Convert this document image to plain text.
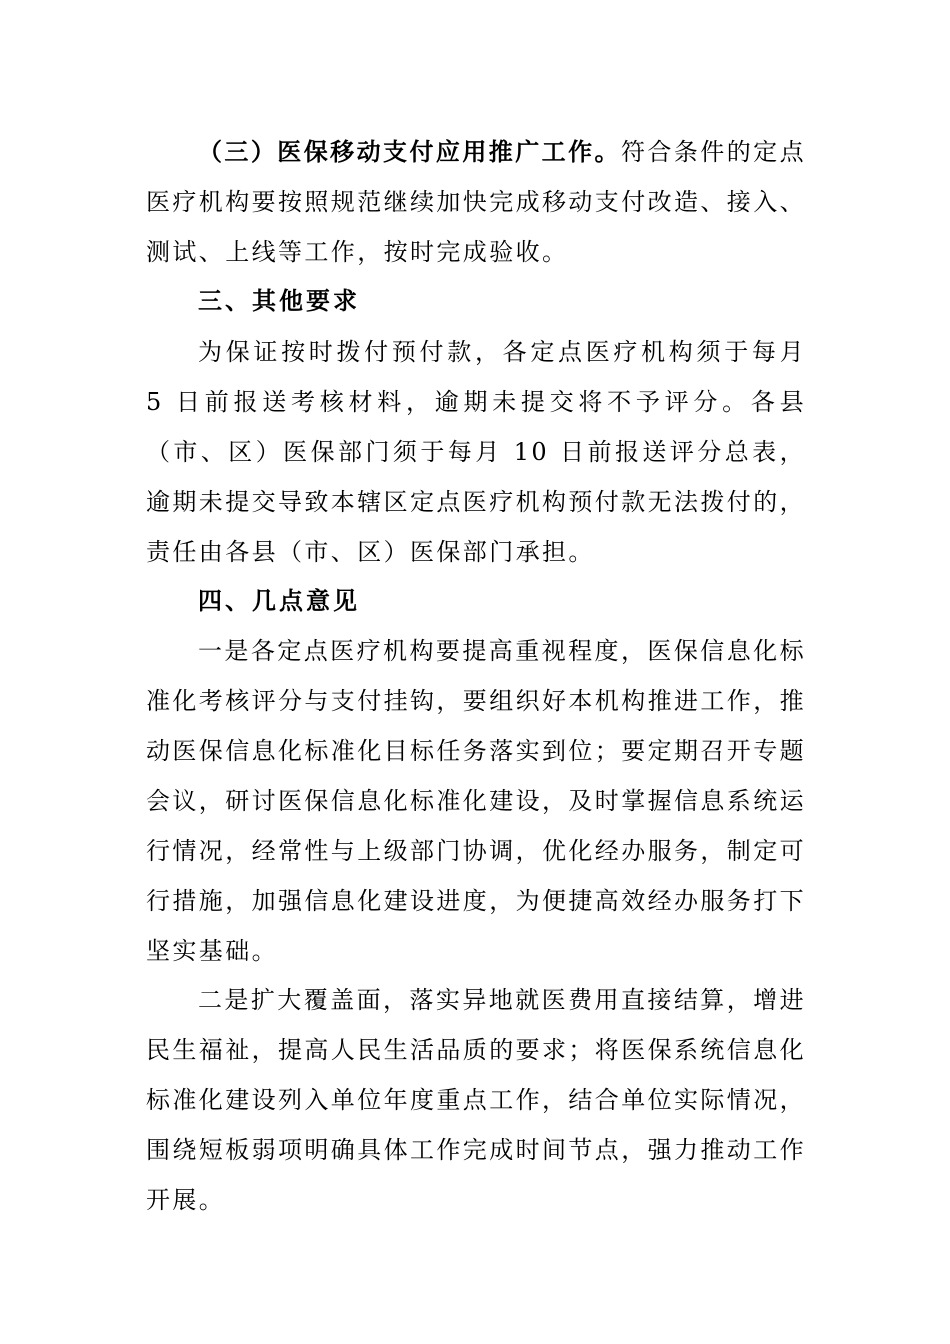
（三）医保移动支付应用推广工作。符合条件的定点医疗机构要按照规范继续加快完成移动支付改造、接入、测试、上线等工作，按时完成验收。

三、其他要求

为保证按时拨付预付款，各定点医疗机构须于每月 5 日前报送考核材料，逾期未提交将不予评分。各县（市、区）医保部门须于每月 10 日前报送评分总表，逾期未提交导致本辖区定点医疗机构预付款无法拨付的，责任由各县（市、区）医保部门承担。

四、几点意见

一是各定点医疗机构要提高重视程度，医保信息化标准化考核评分与支付挂钩，要组织好本机构推进工作，推动医保信息化标准化目标任务落实到位；要定期召开专题会议，研讨医保信息化标准化建设，及时掌握信息系统运行情况，经常性与上级部门协调，优化经办服务，制定可行措施，加强信息化建设进度，为便捷高效经办服务打下坚实基础。

二是扩大覆盖面，落实异地就医费用直接结算，增进民生福祉，提高人民生活品质的要求；将医保系统信息化标准化建设列入单位年度重点工作，结合单位实际情况，围绕短板弱项明确具体工作完成时间节点，强力推动工作开展。
